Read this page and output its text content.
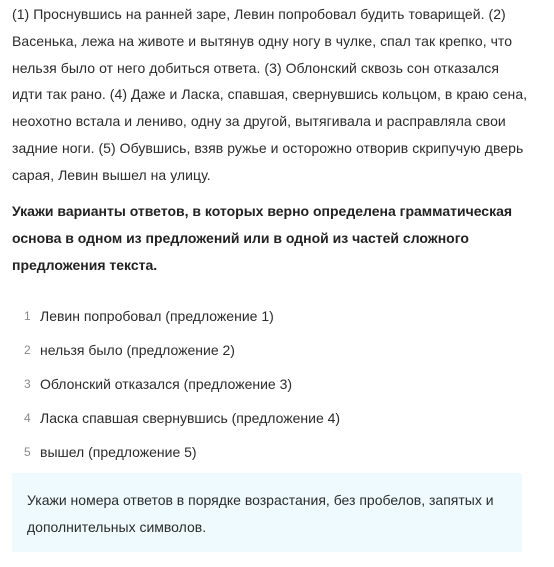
(1) Проснувшись на ранней заре, Левин попробовал будить товарищей. (2) Васенька, лежа на животе и вытянув одну ногу в чулке, спал так крепко, что нельзя было от него добиться ответа. (3) Облонский сквозь сон отказался идти так рано. (4) Даже и Ласка, спавшая, свернувшись кольцом, в краю сена, неохотно встала и лениво, одну за другой, вытягивала и расправляла свои задние ноги. (5) Обувшись, взяв ружье и осторожно отворив скрипучую дверь сарая, Левин вышел на улицу.

Укажи варианты ответов, в которых верно определена грамматическая основа в одном из предложений или в одной из частей сложного предложения текста.

1 Левин попробовал (предложение 1)
2 нельзя было (предложение 2)
3 Облонский отказался (предложение 3)
4 Ласка спавшая свернувшись (предложение 4)
5 вышел (предложение 5)
Укажи номера ответов в порядке возрастания, без пробелов, запятых и дополнительных символов.
